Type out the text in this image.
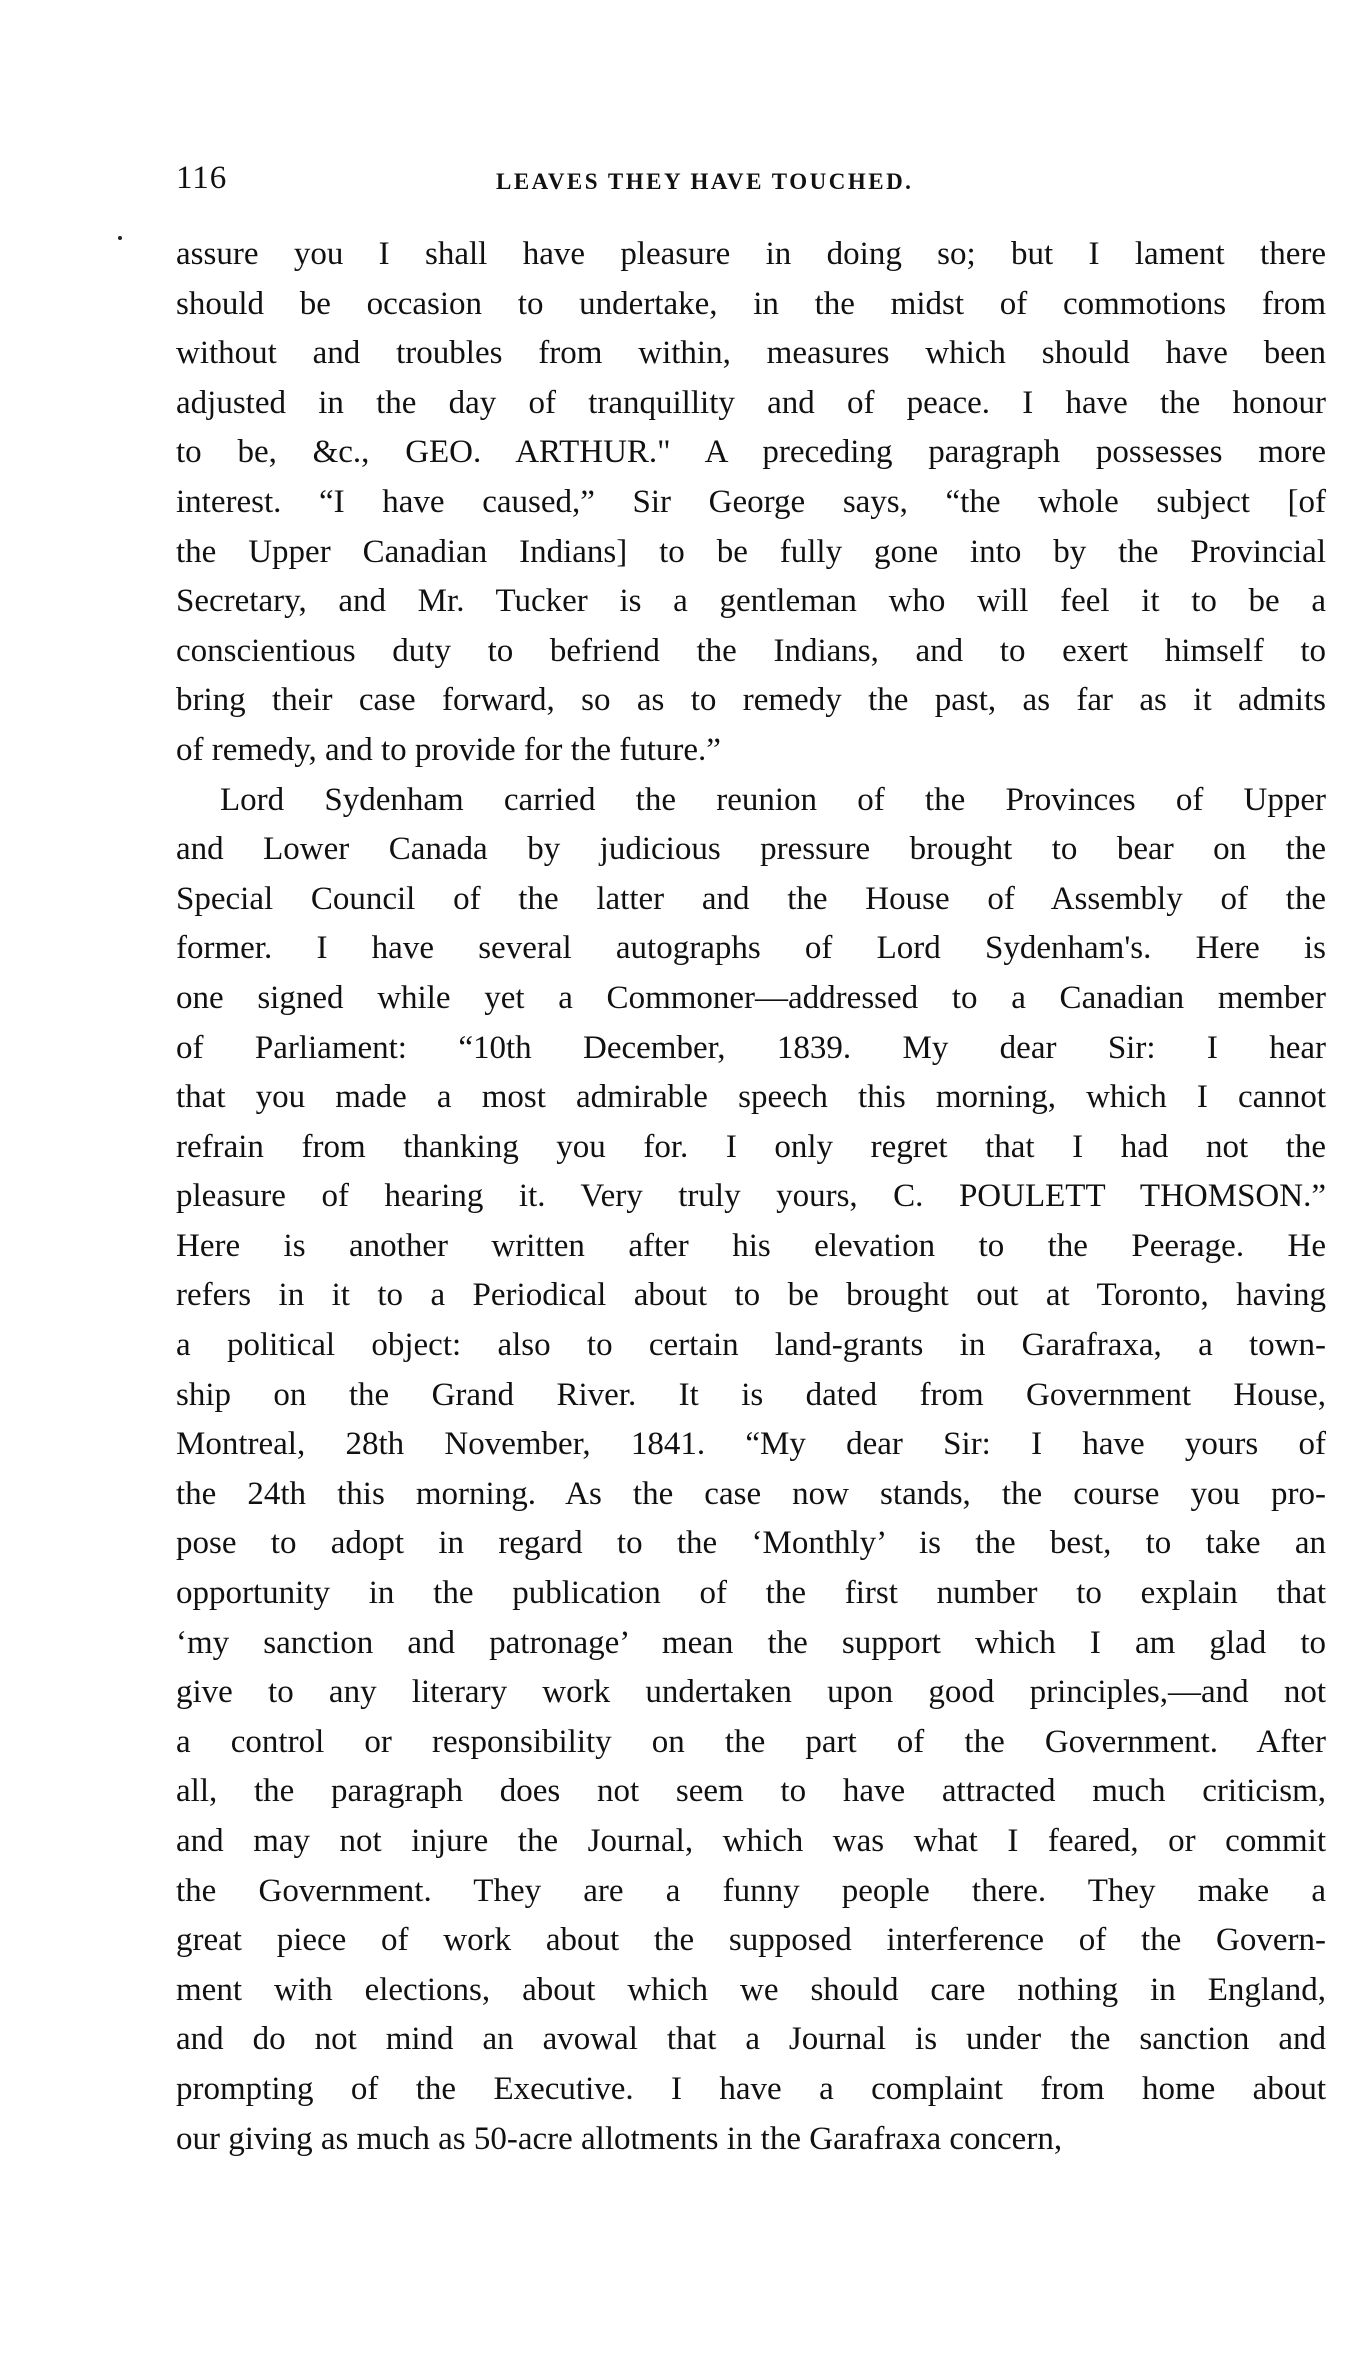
116	LEAVES THEY HAVE TOUCHED.
assure you I shall have pleasure in doing so; but I lament there
should be occasion to undertake, in the midst of commotions from
without and troubles from within, measures which should have been
adjusted in the day of tranquillity and of peace. I have the honour
to be, &c., GEO. ARTHUR." A preceding paragraph possesses more
interest. “I have caused,” Sir George says, “the whole subject [of
the Upper Canadian Indians] to be fully gone into by the Provincial
Secretary, and Mr. Tucker is a gentleman who will feel it to be a
conscientious duty to befriend the Indians, and to exert himself to
bring their case forward, so as to remedy the past, as far as it admits
of remedy, and to provide for the future.”
Lord Sydenham carried the reunion of the Provinces of Upper
and Lower Canada by judicious pressure brought to bear on the
Special Council of the latter and the House of Assembly of the
former. I have several autographs of Lord Sydenham's. Here is
one signed while yet a Commoner—addressed to a Canadian member
of Parliament: “10th December, 1839. My dear Sir: I hear
that you made a most admirable speech this morning, which I cannot
refrain from thanking you for. I only regret that I had not the
pleasure of hearing it. Very truly yours, C. POULETT THOMSON.”
Here is another written after his elevation to the Peerage. He
refers in it to a Periodical about to be brought out at Toronto, having
a political object: also to certain land-grants in Garafraxa, a town-
ship on the Grand River. It is dated from Government House,
Montreal, 28th November, 1841. “My dear Sir: I have yours of
the 24th this morning. As the case now stands, the course you pro-
pose to adopt in regard to the ‘Monthly’ is the best, to take an
opportunity in the publication of the first number to explain that
‘my sanction and patronage’ mean the support which I am glad to
give to any literary work undertaken upon good principles,—and not
a control or responsibility on the part of the Government. After
all, the paragraph does not seem to have attracted much criticism,
and may not injure the Journal, which was what I feared, or commit
the Government. They are a funny people there. They make a
great piece of work about the supposed interference of the Govern-
ment with elections, about which we should care nothing in England,
and do not mind an avowal that a Journal is under the sanction and
prompting of the Executive. I have a complaint from home about
our giving as much as 50-acre allotments in the Garafraxa concern,
